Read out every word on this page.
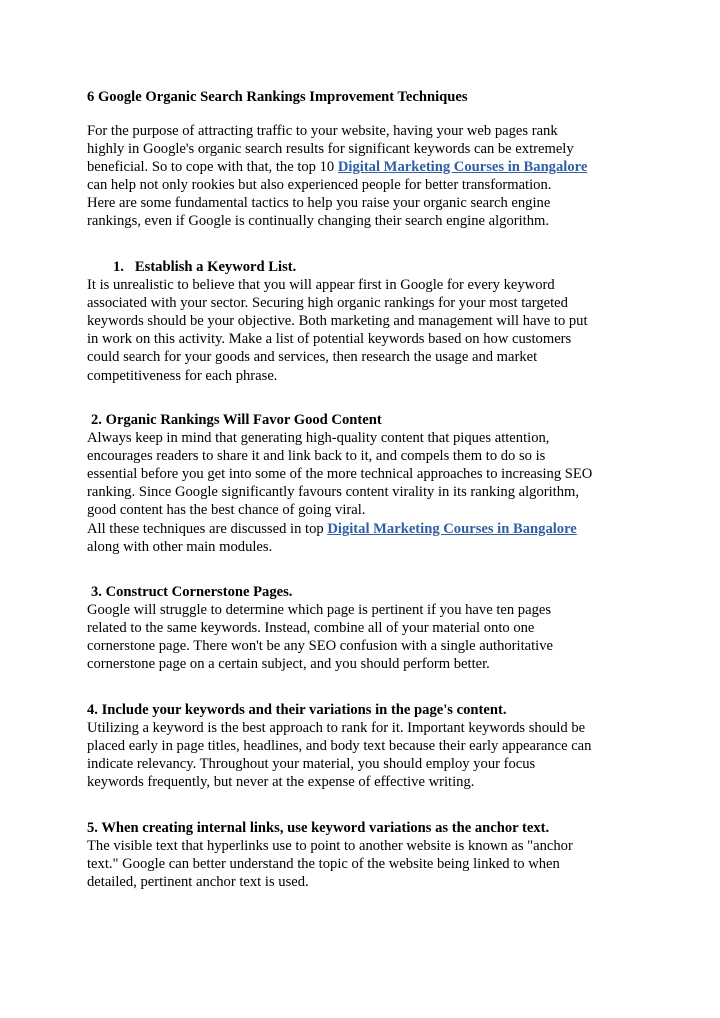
6 Google Organic Search Rankings Improvement Techniques
For the purpose of attracting traffic to your website, having your web pages rank
highly in Google's organic search results for significant keywords can be extremely
beneficial. So to cope with that, the top 10 Digital Marketing Courses in Bangalore
can help not only rookies but also experienced people for better transformation.
Here are some fundamental tactics to help you raise your organic search engine
rankings, even if Google is continually changing their search engine algorithm.
1. Establish a Keyword List.
It is unrealistic to believe that you will appear first in Google for every keyword
associated with your sector. Securing high organic rankings for your most targeted
keywords should be your objective. Both marketing and management will have to put
in work on this activity. Make a list of potential keywords based on how customers
could search for your goods and services, then research the usage and market
competitiveness for each phrase.
2. Organic Rankings Will Favor Good Content
Always keep in mind that generating high-quality content that piques attention,
encourages readers to share it and link back to it, and compels them to do so is
essential before you get into some of the more technical approaches to increasing SEO
ranking. Since Google significantly favours content virality in its ranking algorithm,
good content has the best chance of going viral.
All these techniques are discussed in top Digital Marketing Courses in Bangalore
along with other main modules.
3. Construct Cornerstone Pages.
Google will struggle to determine which page is pertinent if you have ten pages
related to the same keywords. Instead, combine all of your material onto one
cornerstone page. There won't be any SEO confusion with a single authoritative
cornerstone page on a certain subject, and you should perform better.
4. Include your keywords and their variations in the page's content.
Utilizing a keyword is the best approach to rank for it. Important keywords should be
placed early in page titles, headlines, and body text because their early appearance can
indicate relevancy. Throughout your material, you should employ your focus
keywords frequently, but never at the expense of effective writing.
5. When creating internal links, use keyword variations as the anchor text.
The visible text that hyperlinks use to point to another website is known as "anchor
text." Google can better understand the topic of the website being linked to when
detailed, pertinent anchor text is used.
